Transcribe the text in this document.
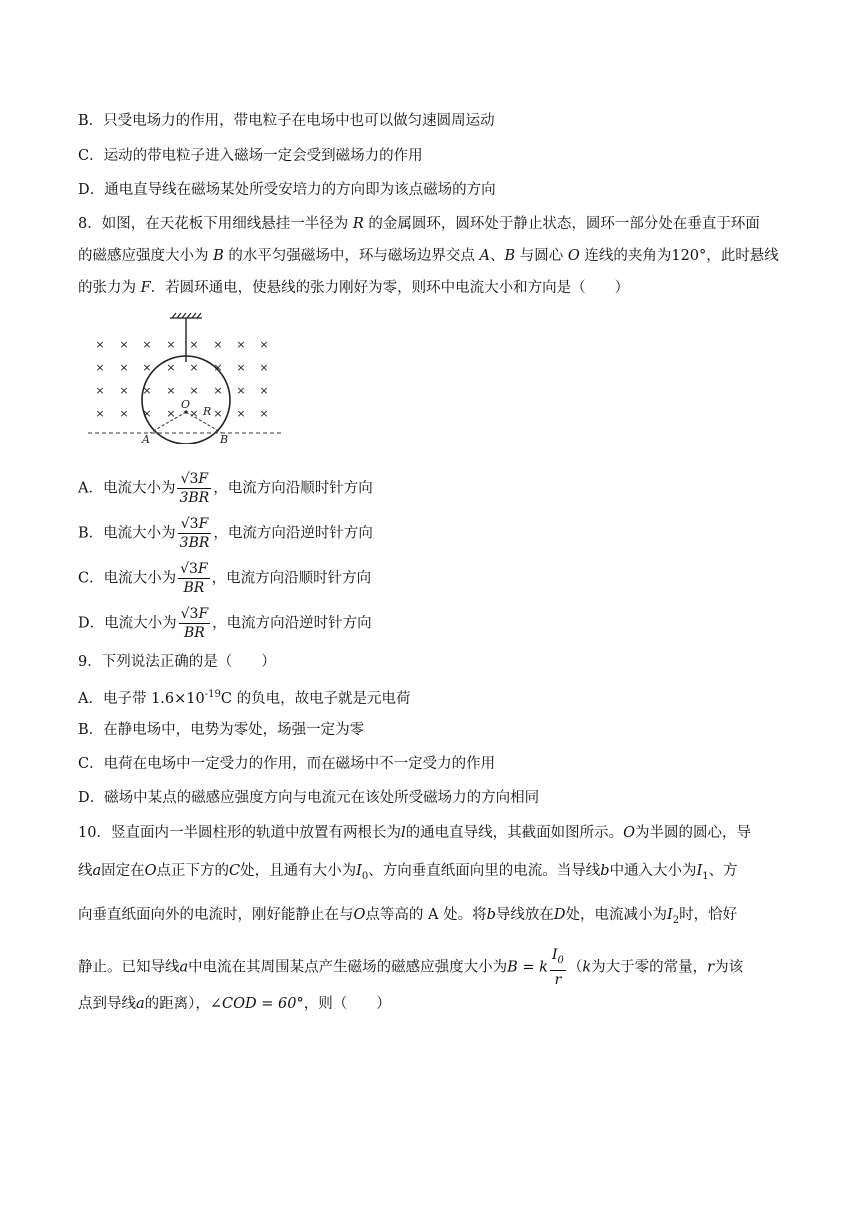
B．只受电场力的作用，带电粒子在电场中也可以做匀速圆周运动
C．运动的带电粒子进入磁场一定会受到磁场力的作用
D．通电直导线在磁场某处所受安培力的方向即为该点磁场的方向
8．如图，在天花板下用细线悬挂一半径为 R 的金属圆环，圆环处于静止状态，圆环一部分处在垂直于环面
的磁感应强度大小为 B 的水平匀强磁场中，环与磁场边界交点 A、B 与圆心 O 连线的夹角为120°，此时悬线
的张力为 F．若圆环通电，使悬线的张力刚好为零，则环中电流大小和方向是（　　）
× × × × × × × ×
× × × × × × × ×
× × × × × × × ×
× × × × × × × ×
O
R
A	B
A．电流大小为 $\frac{√3F}{3BR}$ ，电流方向沿顺时针方向
B．电流大小为 $\frac{√3F}{3BR}$ ，电流方向沿逆时针方向
C．电流大小为 $\frac{√3F}{BR}$ ，电流方向沿顺时针方向
D．电流大小为 $\frac{√3F}{BR}$ ，电流方向沿逆时针方向
9．下列说法正确的是（　　）
A．电子带 $1.6\times 10^{-19}C$ 的负电，故电子就是元电荷
B．在静电场中，电势为零处，场强一定为零
C．电荷在电场中一定受力的作用，而在磁场中不一定受力的作用
D．磁场中某点的磁感应强度方向与电流元在该处所受磁场力的方向相同
10．竖直面内一半圆柱形的轨道中放置有两根长为l的通电直导线，其截面如图所示。O为半圆的圆心，导
线a固定在O点正下方的C处，且通有大小为$I_0$、方向垂直纸面向里的电流。当导线b中通入大小为$I_1$、方
向垂直纸面向外的电流时，刚好能静止在与O点等高的 A 处。将b导线放在D处，电流减小为$I_2$时，恰好
静止。已知导线a中电流在其周围某点产生磁场的磁感应强度大小为B = k $\frac{I_0}{r} (k$为大于零的常量，r为该
点到导线a的距离），∠COD = 60°，则（　　）
